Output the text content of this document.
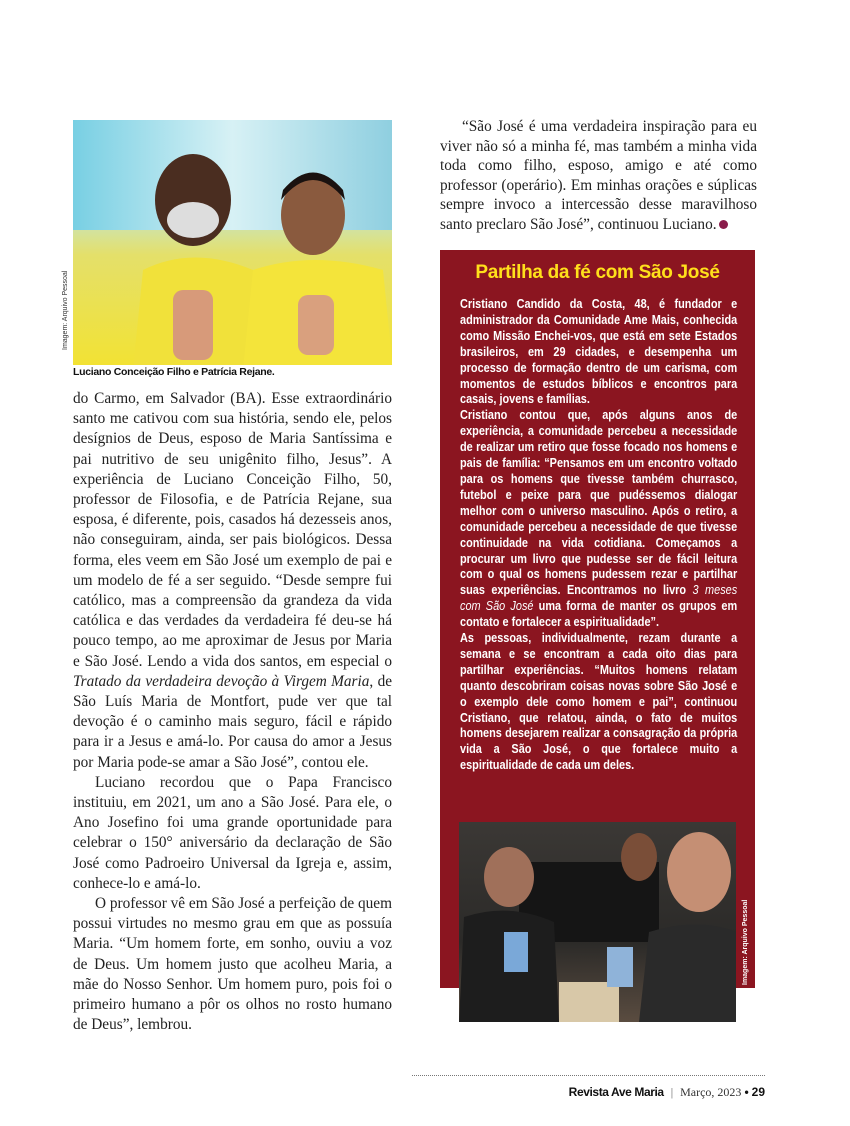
Imagem: Arquivo Pessoal
Luciano Conceição Filho e Patrícia Rejane.

do Carmo, em Salvador (BA). Esse extraordinário santo me cativou com sua história, sendo ele, pelos desígnios de Deus, esposo de Maria Santíssima e pai nutritivo de seu unigênito filho, Jesus”. A experiência de Luciano Conceição Filho, 50, professor de Filosofia, e de Patrícia Rejane, sua esposa, é diferente, pois, casados há dezesseis anos, não conseguiram, ainda, ser pais biológicos. Dessa forma, eles veem em São José um exemplo de pai e um modelo de fé a ser seguido. “Desde sempre fui católico, mas a compreensão da grandeza da vida católica e das verdades da verdadeira fé deu-se há pouco tempo, ao me aproximar de Jesus por Maria e São José. Lendo a vida dos santos, em especial o Tratado da verdadeira devoção à Virgem Maria, de São Luís Maria de Montfort, pude ver que tal devoção é o caminho mais seguro, fácil e rápido para ir a Jesus e amá-lo. Por causa do amor a Jesus por Maria pode-se amar a São José”, contou ele.

Luciano recordou que o Papa Francisco instituiu, em 2021, um ano a São José. Para ele, o Ano Josefino foi uma grande oportunidade para celebrar o 150° aniversário da declaração de São José como Padroeiro Universal da Igreja e, assim, conhece-lo e amá-lo.

O professor vê em São José a perfeição de quem possui virtudes no mesmo grau em que as possuía Maria. “Um homem forte, em sonho, ouviu a voz de Deus. Um homem justo que acolheu Maria, a mãe do Nosso Senhor. Um homem puro, pois foi o primeiro humano a pôr os olhos no rosto humano de Deus”, lembrou.

“São José é uma verdadeira inspiração para eu viver não só a minha fé, mas também a minha vida toda como filho, esposo, amigo e até como professor (operário). Em minhas orações e súplicas sempre invoco a intercessão desse maravilhoso santo preclaro São José”, continuou Luciano.

Partilha da fé com São José

Cristiano Candido da Costa, 48, é fundador e administrador da Comunidade Ame Mais, conhecida como Missão Enchei-vos, que está em sete Estados brasileiros, em 29 cidades, e desempenha um processo de formação dentro de um carisma, com momentos de estudos bíblicos e encontros para casais, jovens e famílias.

Cristiano contou que, após alguns anos de experiência, a comunidade percebeu a necessidade de realizar um retiro que fosse focado nos homens e pais de família: “Pensamos em um encontro voltado para os homens que tivesse também churrasco, futebol e peixe para que pudéssemos dialogar melhor com o universo masculino. Após o retiro, a comunidade percebeu a necessidade de que tivesse continuidade na vida cotidiana. Começamos a procurar um livro que pudesse ser de fácil leitura com o qual os homens pudessem rezar e partilhar suas experiências. Encontramos no livro 3 meses com São José uma forma de manter os grupos em contato e fortalecer a espiritualidade”.

As pessoas, individualmente, rezam durante a semana e se encontram a cada oito dias para partilhar experiências. “Muitos homens relatam quanto descobriram coisas novas sobre São José e o exemplo dele como homem e pai”, continuou Cristiano, que relatou, ainda, o fato de muitos homens desejarem realizar a consagração da própria vida a São José, o que fortalece muito a espiritualidade de cada um deles.

Imagem: Arquivo Pessoal
Revista Ave Maria | Março, 2023 • 29
